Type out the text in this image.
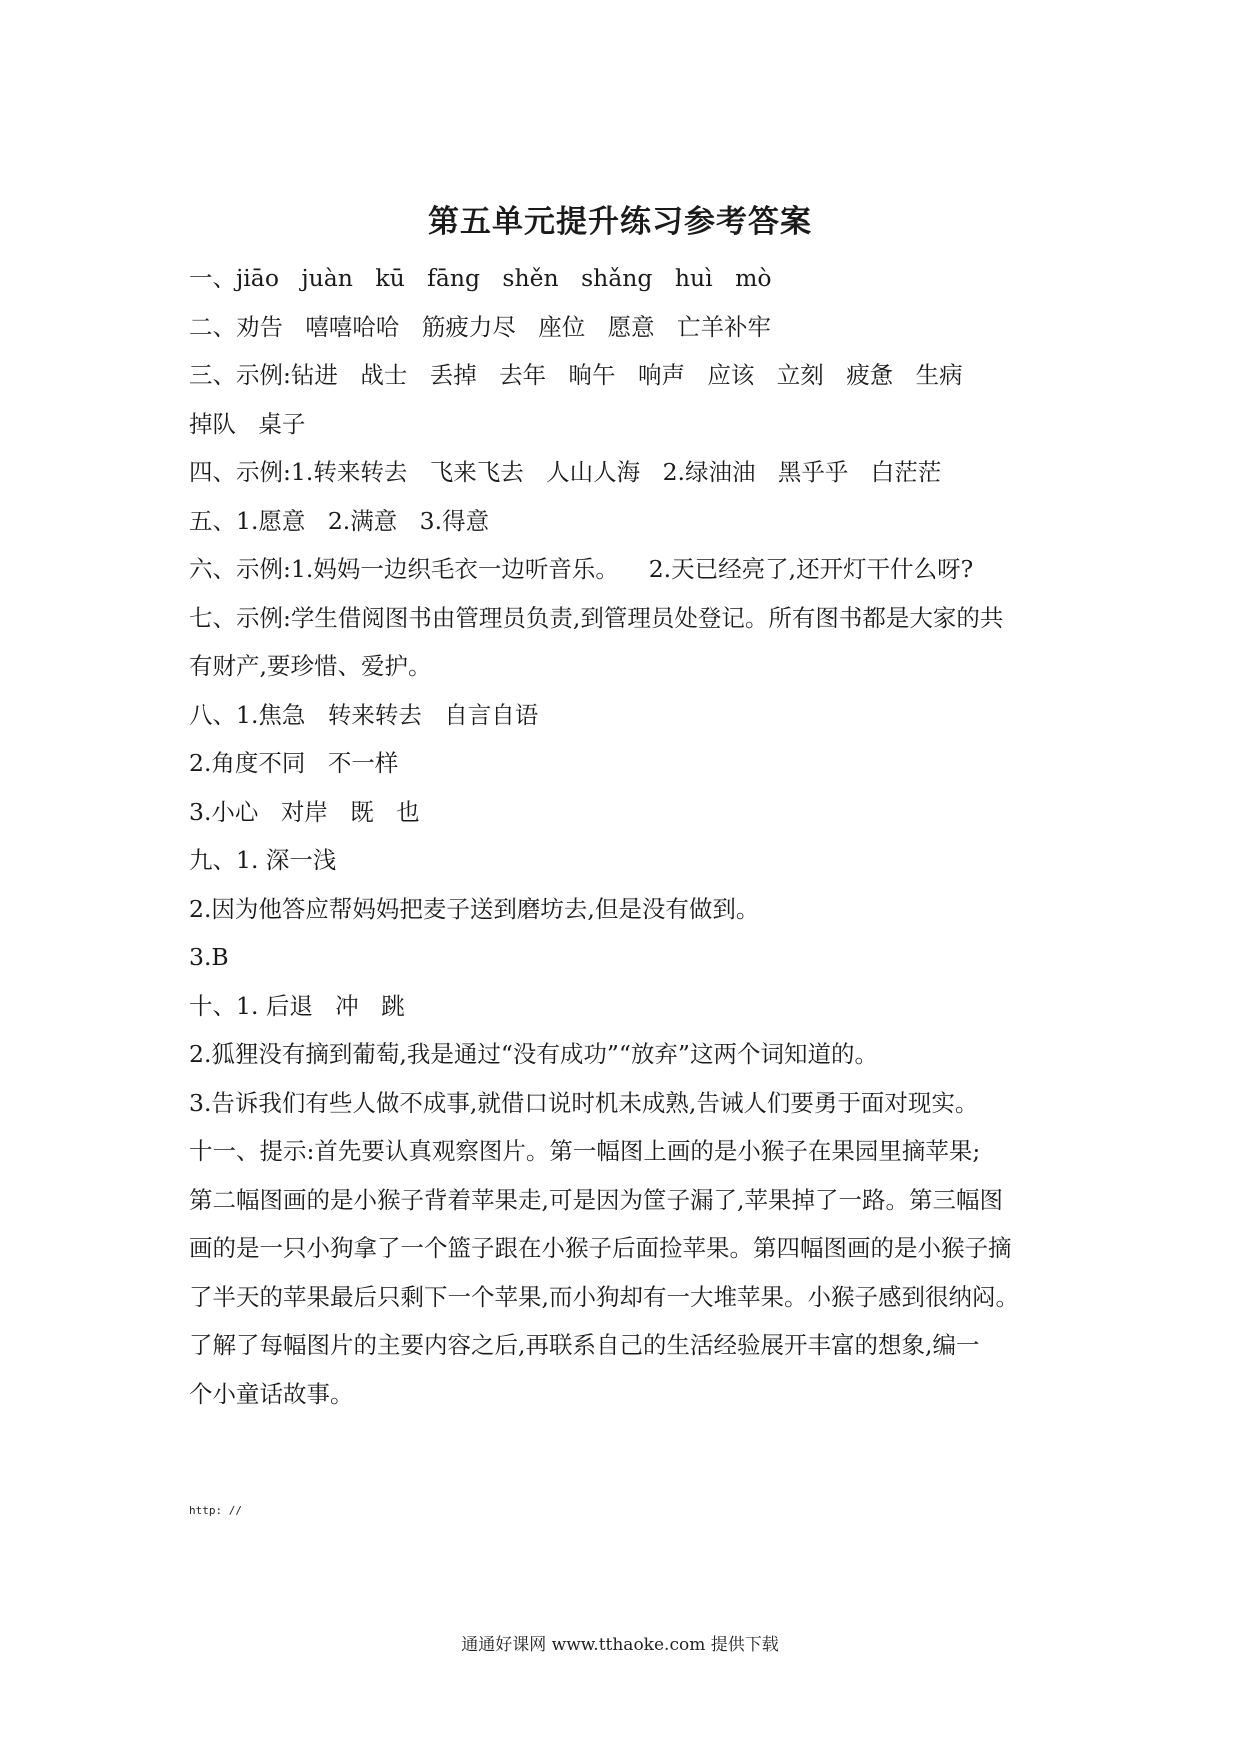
第五单元提升练习参考答案
一、jiāo   juàn   kū   fāng   shěn   shǎng   huì   mò
二、劝告   嘻嘻哈哈   筋疲力尽   座位   愿意   亡羊补牢
三、示例:钻进   战士   丢掉   去年   晌午   响声   应该   立刻   疲惫   生病
掉队   桌子
四、示例:1.转来转去   飞来飞去   人山人海   2.绿油油   黑乎乎   白茫茫
五、1.愿意   2.满意   3.得意
六、示例:1.妈妈一边织毛衣一边听音乐。    2.天已经亮了,还开灯干什么呀?
七、示例:学生借阅图书由管理员负责,到管理员处登记。所有图书都是大家的共
有财产,要珍惜、爱护。
八、1.焦急   转来转去   自言自语
2.角度不同   不一样
3.小心   对岸   既   也
九、1. 深一浅
2.因为他答应帮妈妈把麦子送到磨坊去,但是没有做到。
3.B
十、1. 后退   冲   跳
2.狐狸没有摘到葡萄,我是通过“没有成功”“放弃”这两个词知道的。
3.告诉我们有些人做不成事,就借口说时机未成熟,告诫人们要勇于面对现实。
十一、提示:首先要认真观察图片。第一幅图上画的是小猴子在果园里摘苹果;
第二幅图画的是小猴子背着苹果走,可是因为筐子漏了,苹果掉了一路。第三幅图
画的是一只小狗拿了一个篮子跟在小猴子后面捡苹果。第四幅图画的是小猴子摘
了半天的苹果最后只剩下一个苹果,而小狗却有一大堆苹果。小猴子感到很纳闷。
了解了每幅图片的主要内容之后,再联系自己的生活经验展开丰富的想象,编一
个小童话故事。
http: //
通通好课网 www.tthaoke.com 提供下载
